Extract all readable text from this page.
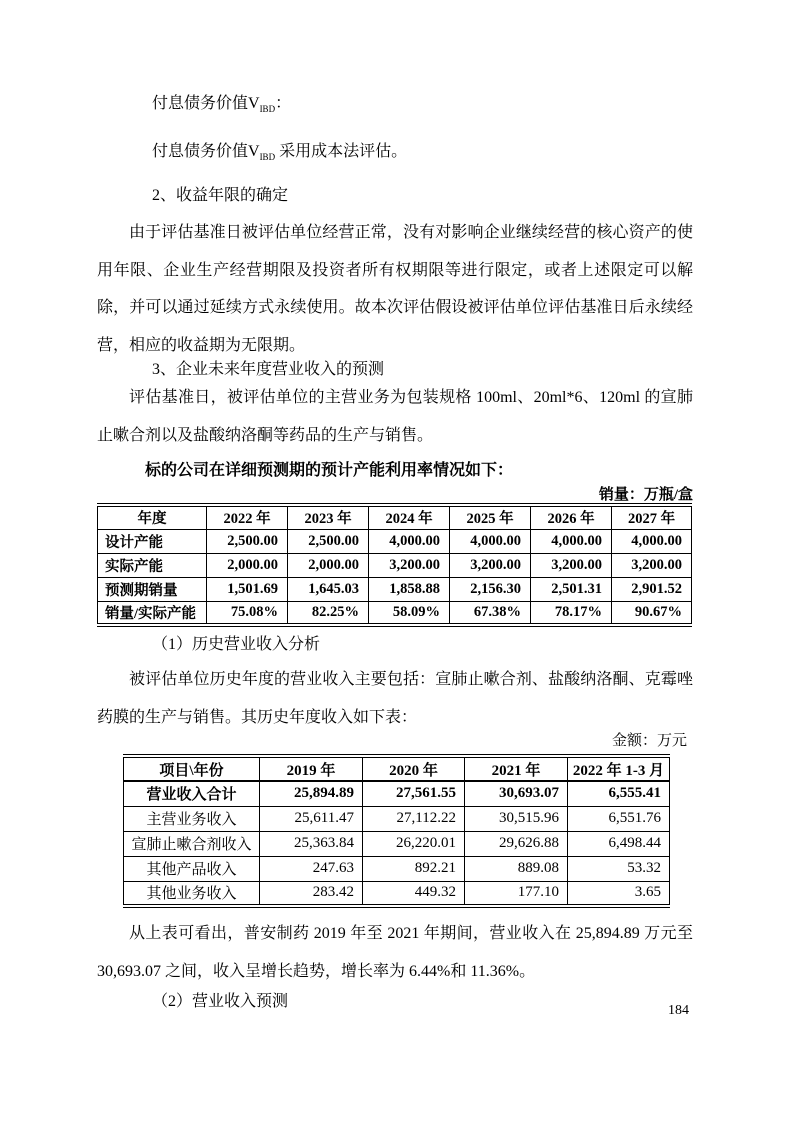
付息债务价值$V_{IBD}$：

付息债务价值$V_{IBD}$ 采用成本法评估。

2、收益年限的确定

由于评估基准日被评估单位经营正常，没有对影响企业继续经营的核心资产的使用年限、企业生产经营期限及投资者所有权期限等进行限定，或者上述限定可以解除，并可以通过延续方式永续使用。故本次评估假设被评估单位评估基准日后永续经营，相应的收益期为无限期。

3、企业未来年度营业收入的预测

评估基准日，被评估单位的主营业务为包装规格 100ml、20ml*6、120ml 的宣肺止嗽合剂以及盐酸纳洛酮等药品的生产与销售。

标的公司在详细预测期的预计产能利用率情况如下：

销量：万瓶/盒

年度	2022 年	2023 年	2024 年	2025 年	2026 年	2027 年
设计产能	2,500.00	2,500.00	4,000.00	4,000.00	4,000.00	4,000.00
实际产能	2,000.00	2,000.00	3,200.00	3,200.00	3,200.00	3,200.00
预测期销量	1,501.69	1,645.03	1,858.88	2,156.30	2,501.31	2,901.52
销量/实际产能	75.08%	82.25%	58.09%	67.38%	78.17%	90.67%

（1）历史营业收入分析

被评估单位历史年度的营业收入主要包括：宣肺止嗽合剂、盐酸纳洛酮、克霉唑药膜的生产与销售。其历史年度收入如下表：

金额：万元

项目\年份	2019 年	2020 年	2021 年	2022 年 1-3 月
营业收入合计	25,894.89	27,561.55	30,693.07	6,555.41
主营业务收入	25,611.47	27,112.22	30,515.96	6,551.76
宣肺止嗽合剂收入	25,363.84	26,220.01	29,626.88	6,498.44
其他产品收入	247.63	892.21	889.08	53.32
其他业务收入	283.42	449.32	177.10	3.65

从上表可看出，普安制药 2019 年至 2021 年期间，营业收入在 25,894.89 万元至 30,693.07 之间，收入呈增长趋势，增长率为 6.44%和 11.36%。

（2）营业收入预测

184
